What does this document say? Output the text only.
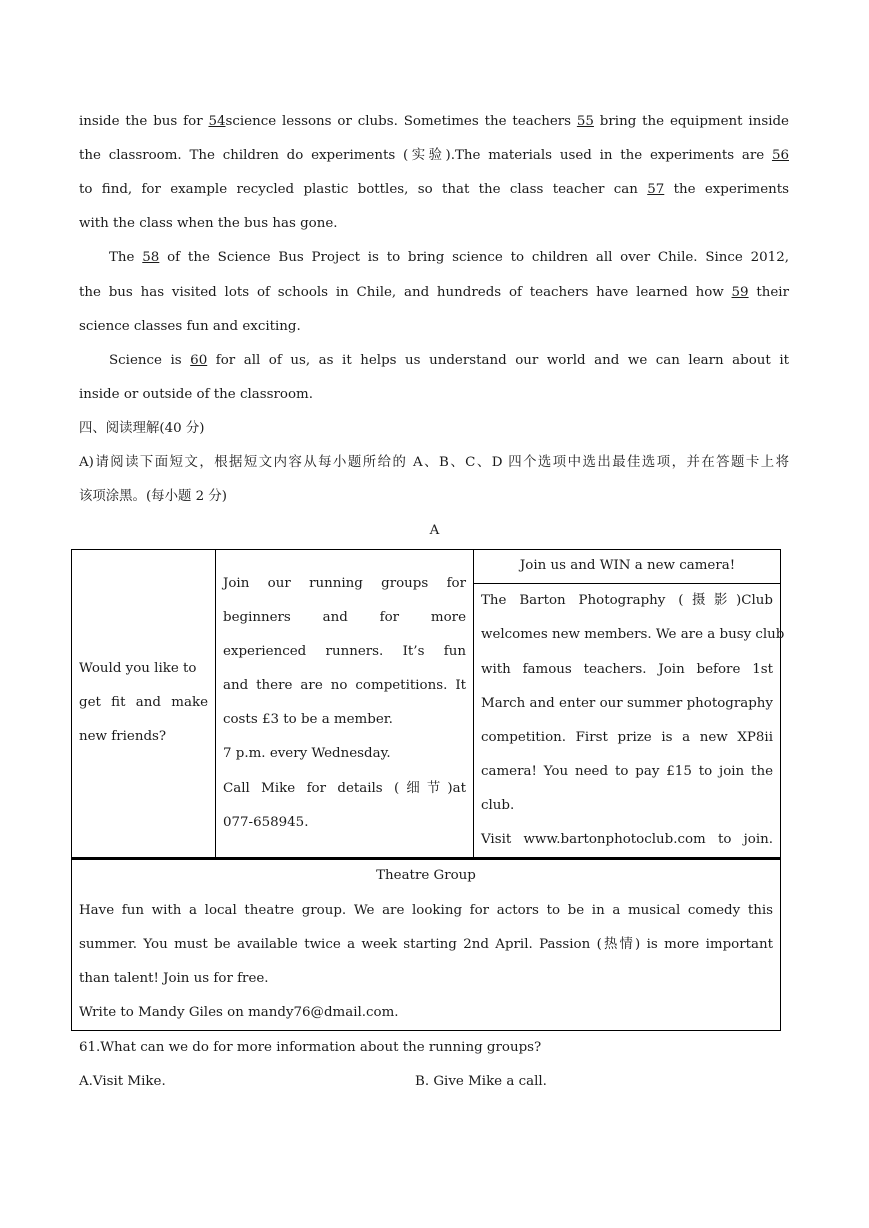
inside the bus for 54science lessons or clubs. Sometimes the teachers 55 bring the equipment inside
the classroom. The children do experiments (实验).The materials used in the experiments are 56
to find, for example recycled plastic bottles, so that the class teacher can 57 the experiments
with the class when the bus has gone.
The 58 of the Science Bus Project is to bring science to children all over Chile. Since 2012,
the bus has visited lots of schools in Chile, and hundreds of teachers have learned how 59 their
science classes fun and exciting.
Science is 60 for all of us, as it helps us understand our world and we can learn about it
inside or outside of the classroom.
四、阅读理解(40 分)
A)请阅读下面短文，根据短文内容从每小题所给的 A、B、C、D 四个选项中选出最佳选项，并在答题卡上将
该项涂黑。(每小题 2 分)
A
Would you like to
get fit and make
new friends?
Join our running groups for
beginners and for more
experienced runners. It’s fun
and there are no competitions. It
costs £3 to be a member.
7 p.m. every Wednesday.
Call Mike for details (细节)at
077-658945.
Join us and WIN a new camera!
The Barton Photography (摄影)Club
welcomes new members. We are a busy club
with famous teachers. Join before 1st
March and enter our summer photography
competition. First prize is a new XP8ii
camera! You need to pay £15 to join the
club.
Visit www.bartonphotoclub.com to join.
Theatre Group
Have fun with a local theatre group. We are looking for actors to be in a musical comedy this
summer. You must be available twice a week starting 2nd April. Passion (热情) is more important
than talent! Join us for free.
Write to Mandy Giles on mandy76@dmail.com.
61.What can we do for more information about the running groups?
A.Visit Mike.	B. Give Mike a call.
